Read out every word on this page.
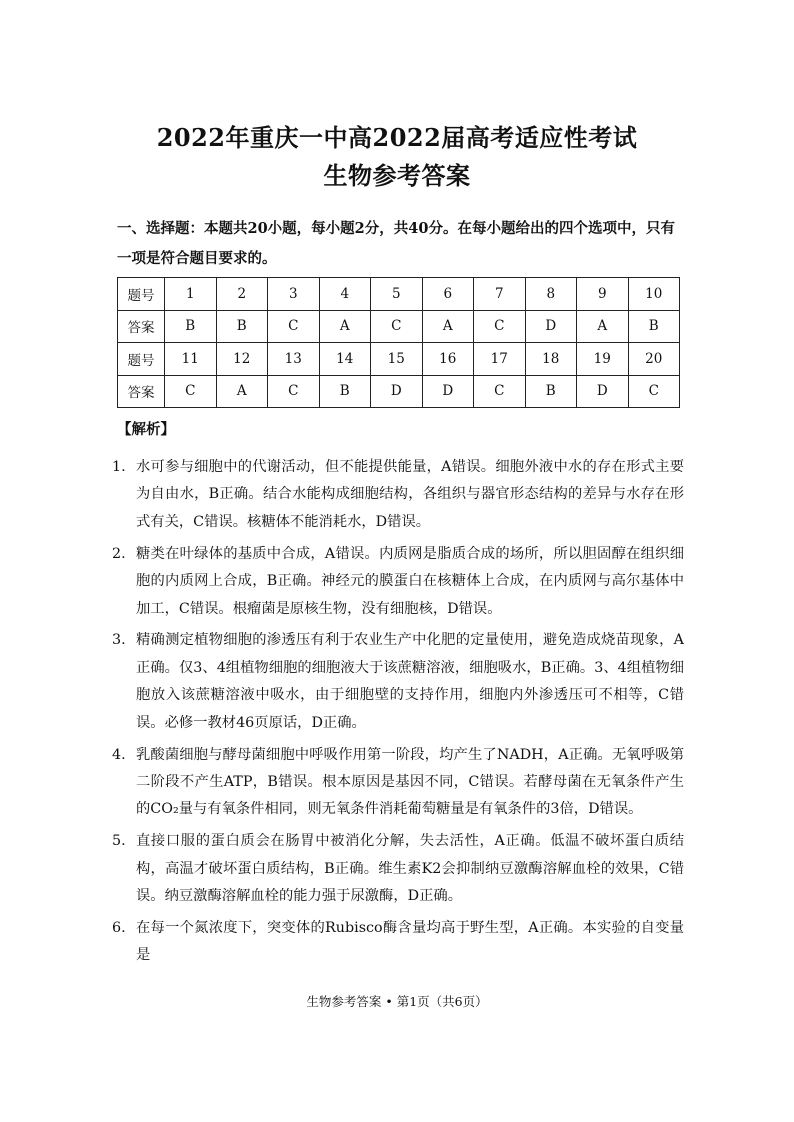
2022年重庆一中高2022届高考适应性考试
生物参考答案
一、选择题：本题共20小题，每小题2分，共40分。在每小题给出的四个选项中，只有一项是符合题目要求的。
题号	1	2	3	4	5	6	7	8	9	10
答案	B	B	C	A	C	A	C	D	A	B
题号	11	12	13	14	15	16	17	18	19	20
答案	C	A	C	B	D	D	C	B	D	C
【解析】
1. 水可参与细胞中的代谢活动，但不能提供能量，A错误。细胞外液中水的存在形式主要为自由水，B正确。结合水能构成细胞结构，各组织与器官形态结构的差异与水存在形式有关，C错误。核糖体不能消耗水，D错误。
2. 糖类在叶绿体的基质中合成，A错误。内质网是脂质合成的场所，所以胆固醇在组织细胞的内质网上合成，B正确。神经元的膜蛋白在核糖体上合成，在内质网与高尔基体中加工，C错误。根瘤菌是原核生物，没有细胞核，D错误。
3. 精确测定植物细胞的渗透压有利于农业生产中化肥的定量使用，避免造成烧苗现象，A正确。仅3、4组植物细胞的细胞液大于该蔗糖溶液，细胞吸水，B正确。3、4组植物细胞放入该蔗糖溶液中吸水，由于细胞壁的支持作用，细胞内外渗透压可不相等，C错误。必修一教材46页原话，D正确。
4. 乳酸菌细胞与酵母菌细胞中呼吸作用第一阶段，均产生了NADH，A正确。无氧呼吸第二阶段不产生ATP，B错误。根本原因是基因不同，C错误。若酵母菌在无氧条件产生的CO₂量与有氧条件相同，则无氧条件消耗葡萄糖量是有氧条件的3倍，D错误。
5. 直接口服的蛋白质会在肠胃中被消化分解，失去活性，A正确。低温不破坏蛋白质结构，高温才破坏蛋白质结构，B正确。维生素K2会抑制纳豆激酶溶解血栓的效果，C错误。纳豆激酶溶解血栓的能力强于尿激酶，D正确。
6. 在每一个氮浓度下，突变体的Rubisco酶含量均高于野生型，A正确。本实验的自变量是
生物参考答案 • 第1页（共6页）
